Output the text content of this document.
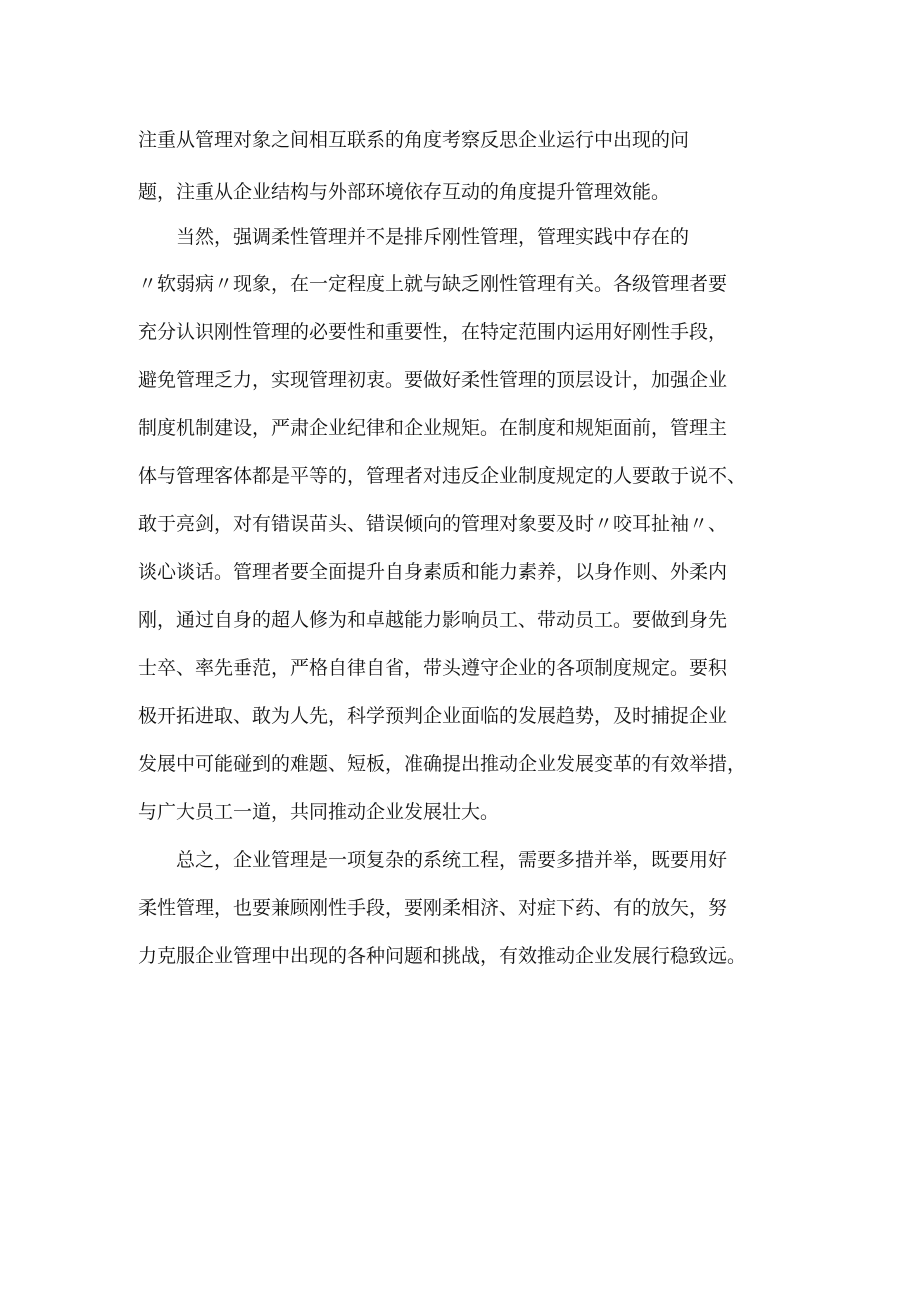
注重从管理对象之间相互联系的角度考察反思企业运行中出现的问
题，注重从企业结构与外部环境依存互动的角度提升管理效能。
当然，强调柔性管理并不是排斥刚性管理，管理实践中存在的
〃软弱病〃现象，在一定程度上就与缺乏刚性管理有关。各级管理者要
充分认识刚性管理的必要性和重要性，在特定范围内运用好刚性手段，
避免管理乏力，实现管理初衷。要做好柔性管理的顶层设计，加强企业
制度机制建设，严肃企业纪律和企业规矩。在制度和规矩面前，管理主
体与管理客体都是平等的，管理者对违反企业制度规定的人要敢于说不、
敢于亮剑，对有错误苗头、错误倾向的管理对象要及时〃咬耳扯袖〃、
谈心谈话。管理者要全面提升自身素质和能力素养，以身作则、外柔内
刚，通过自身的超人修为和卓越能力影响员工、带动员工。要做到身先
士卒、率先垂范，严格自律自省，带头遵守企业的各项制度规定。要积
极开拓进取、敢为人先，科学预判企业面临的发展趋势，及时捕捉企业
发展中可能碰到的难题、短板，准确提出推动企业发展变革的有效举措，
与广大员工一道，共同推动企业发展壮大。
总之，企业管理是一项复杂的系统工程，需要多措并举，既要用好
柔性管理，也要兼顾刚性手段，要刚柔相济、对症下药、有的放矢，努
力克服企业管理中出现的各种问题和挑战，有效推动企业发展行稳致远。
